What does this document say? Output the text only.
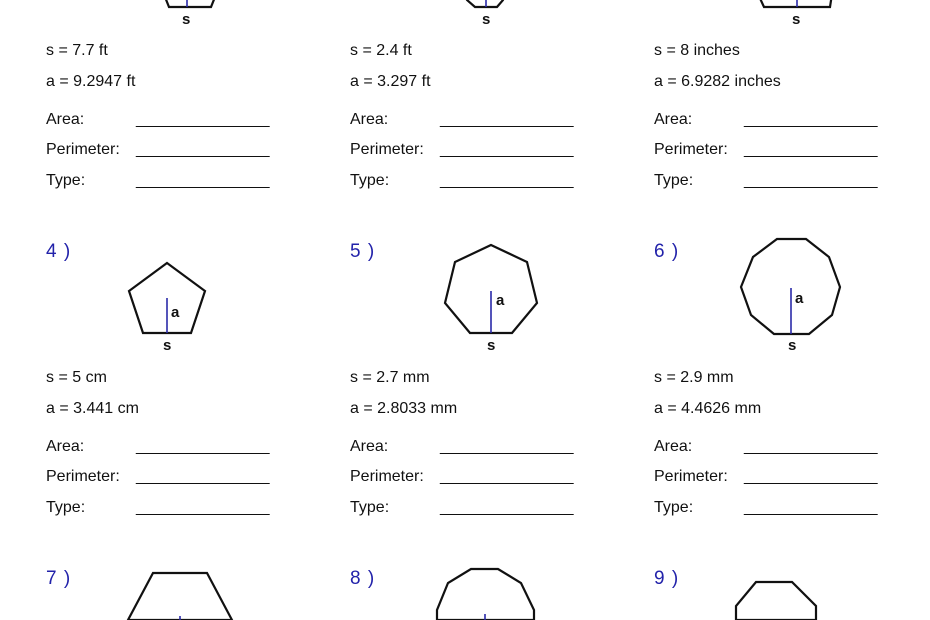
s	s	s
s = 7.7 ft
a = 9.2947 ft
Area:	_______________
Perimeter: _______________
Type:	_______________
s = 2.4 ft
a = 3.297 ft
Area:	_______________
Perimeter: _______________
Type:	_______________
s = 8 inches
a = 6.9282 inches
Area:	_______________
Perimeter: _______________
Type:	_______________
4 )	5 )	6 )
a
s
a
s
a
s
s = 5 cm
a = 3.441 cm
Area:	_______________
Perimeter: _______________
Type:	_______________
s = 2.7 mm
a = 2.8033 mm
Area:	_______________
Perimeter: _______________
Type:	_______________
s = 2.9 mm
a = 4.4626 mm
Area:	_______________
Perimeter: _______________
Type:	_______________
7 )	8 )	9 )
